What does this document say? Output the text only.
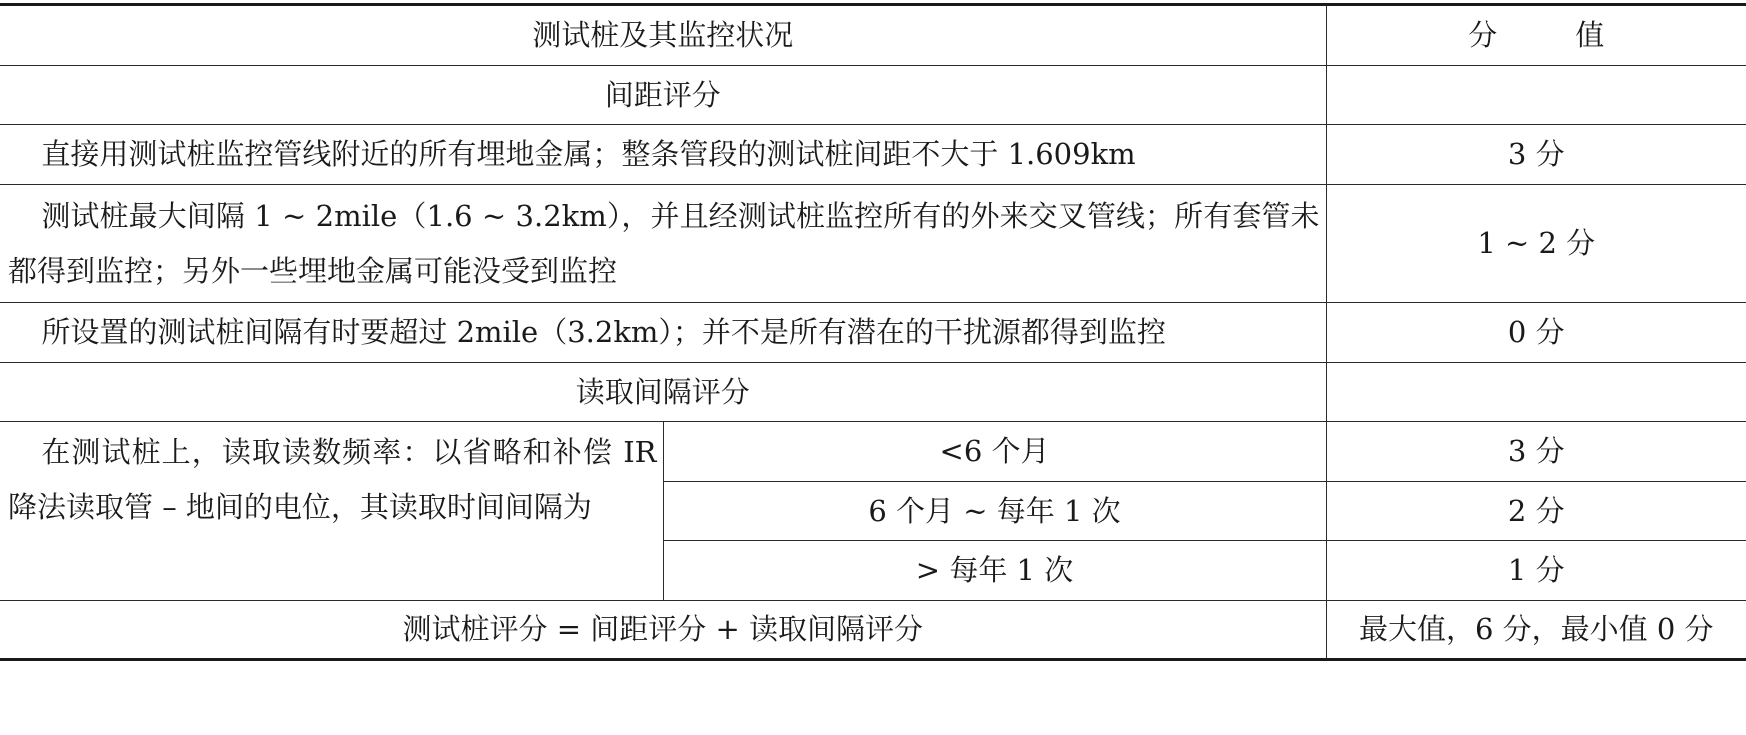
测试桩及其监控状况		分 值
间距评分		
直接用测试桩监控管线附近的所有埋地金属；整条管段的测试桩间距不大于 1.609km		3 分
测试桩最大间隔 1 ~ 2mile（1.6 ~ 3.2km），并且经测试桩监控所有的外来交叉管线；所有套管未都得到监控；另外一些埋地金属可能没受到监控		1 ~ 2 分
所设置的测试桩间隔有时要超过 2mile（3.2km）；并不是所有潜在的干扰源都得到监控		0 分
读取间隔评分		
在测试桩上，读取读数频率：以省略和补偿 IR 降法读取管 – 地间的电位，其读取时间间隔为	<6 个月	3 分
	6 个月 ~ 每年 1 次	2 分
	> 每年 1 次	1 分
测试桩评分 = 间距评分 + 读取间隔评分		最大值，6 分，最小值 0 分
